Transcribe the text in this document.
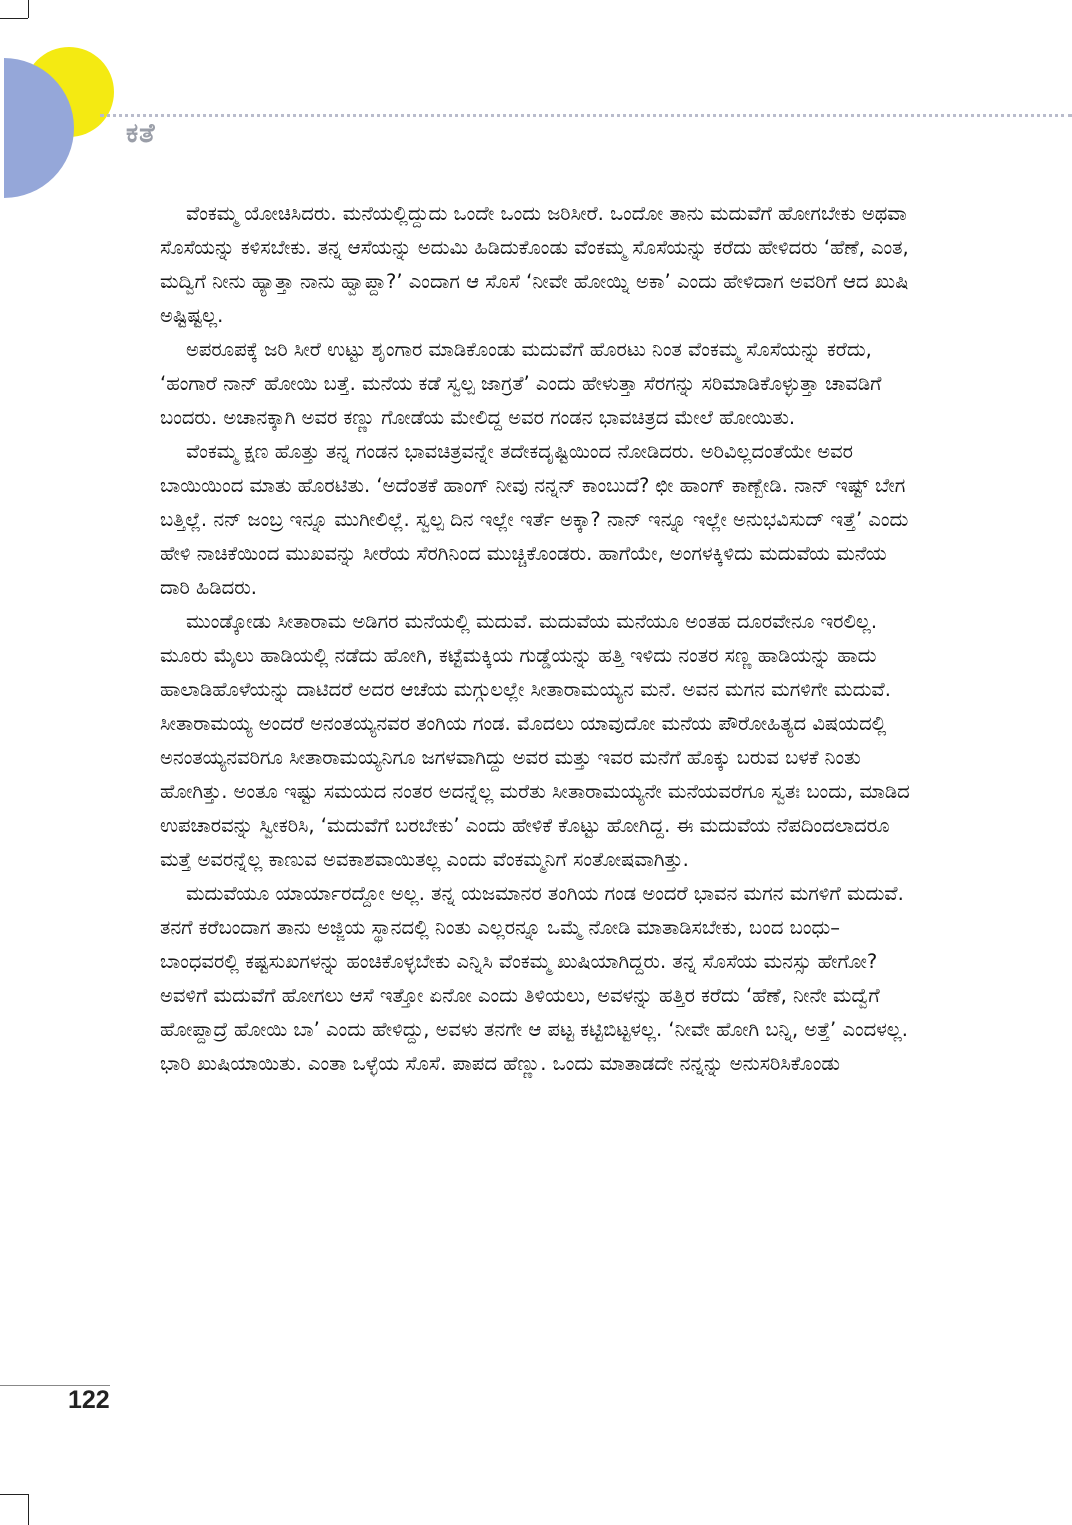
ಕತೆ

ವೆಂಕಮ್ಮ ಯೋಚಿಸಿದರು. ಮನೆಯಲ್ಲಿದ್ದುದು ಒಂದೇ ಒಂದು ಜರಿಸೀರೆ. ಒಂದೋ ತಾನು ಮದುವೆಗೆ ಹೋಗಬೇಕು ಅಥವಾ ಸೊಸೆಯನ್ನು ಕಳಿಸಬೇಕು. ತನ್ನ ಆಸೆಯನ್ನು ಅದುಮಿ ಹಿಡಿದುಕೊಂಡು ವೆಂಕಮ್ಮ ಸೊಸೆಯನ್ನು ಕರೆದು ಹೇಳಿದರು ‘ಹೆಣೆ, ಎಂತ, ಮದ್ವಿಗೆ ನೀನು ಹ್ಯಾತ್ತಾ ನಾನು ಹ್ವಾಪ್ದಾ?’ ಎಂದಾಗ ಆ ಸೊಸೆ ‘ನೀವೇ ಹೋಯ್ನಿ ಅಕಾ’ ಎಂದು ಹೇಳಿದಾಗ ಅವರಿಗೆ ಆದ ಖುಷಿ ಅಷ್ಟಿಷ್ಟಲ್ಲ.

ಅಪರೂಪಕ್ಕೆ ಜರಿ ಸೀರೆ ಉಟ್ಟು ಶೃಂಗಾರ ಮಾಡಿಕೊಂಡು ಮದುವೆಗೆ ಹೊರಟು ನಿಂತ ವೆಂಕಮ್ಮ ಸೊಸೆಯನ್ನು ಕರೆದು, ‘ಹಂಗಾರೆ ನಾನ್ ಹೋಯಿ ಬತ್ತೆ. ಮನೆಯ ಕಡೆ ಸ್ವಲ್ಪ ಜಾಗ್ರತೆ’ ಎಂದು ಹೇಳುತ್ತಾ ಸೆರಗನ್ನು ಸರಿಮಾಡಿಕೊಳ್ಳುತ್ತಾ ಚಾವಡಿಗೆ ಬಂದರು. ಅಚಾನಕ್ಕಾಗಿ ಅವರ ಕಣ್ಣು ಗೋಡೆಯ ಮೇಲಿದ್ದ ಅವರ ಗಂಡನ ಭಾವಚಿತ್ರದ ಮೇಲೆ ಹೋಯಿತು.

ವೆಂಕಮ್ಮ ಕ್ಷಣ ಹೊತ್ತು ತನ್ನ ಗಂಡನ ಭಾವಚಿತ್ರವನ್ನೇ ತದೇಕದೃಷ್ಟಿಯಿಂದ ನೋಡಿದರು. ಅರಿವಿಲ್ಲದಂತೆಯೇ ಅವರ ಬಾಯಿಯಿಂದ ಮಾತು ಹೊರಟಿತು. ‘ಅದೆಂತಕೆ ಹಾಂಗ್ ನೀವು ನನ್ನನ್ ಕಾಂಬುದೆ? ಛೀ ಹಾಂಗ್ ಕಾಣ್ಬೇಡಿ. ನಾನ್ ಇಷ್ಟ್ ಬೇಗ ಬತ್ತಿಲ್ಲೆ. ನನ್ ಜಂಬ್ರ ಇನ್ನೂ ಮುಗೀಲಿಲ್ಲೆ. ಸ್ವಲ್ಪ ದಿನ ಇಲ್ಲೇ ಇರ್ತೆ ಅಕ್ಕಾ? ನಾನ್ ಇನ್ನೂ ಇಲ್ಲೇ ಅನುಭವಿಸುದ್ ಇತ್ತೆ’ ಎಂದು ಹೇಳಿ ನಾಚಿಕೆಯಿಂದ ಮುಖವನ್ನು ಸೀರೆಯ ಸೆರಗಿನಿಂದ ಮುಚ್ಚಿಕೊಂಡರು. ಹಾಗೆಯೇ, ಅಂಗಳಕ್ಕಿಳಿದು ಮದುವೆಯ ಮನೆಯ ದಾರಿ ಹಿಡಿದರು.

ಮುಂಡ್ಕೋಡು ಸೀತಾರಾಮ ಅಡಿಗರ ಮನೆಯಲ್ಲಿ ಮದುವೆ. ಮದುವೆಯ ಮನೆಯೂ ಅಂತಹ ದೂರವೇನೂ ಇರಲಿಲ್ಲ. ಮೂರು ಮೈಲು ಹಾಡಿಯಲ್ಲಿ ನಡೆದು ಹೋಗಿ, ಕಟ್ಟೆಮಕ್ಕಿಯ ಗುಡ್ಡೆಯನ್ನು ಹತ್ತಿ ಇಳಿದು ನಂತರ ಸಣ್ಣ ಹಾಡಿಯನ್ನು ಹಾದು ಹಾಲಾಡಿಹೊಳೆಯನ್ನು ದಾಟಿದರೆ ಅದರ ಆಚೆಯ ಮಗ್ಗುಲಲ್ಲೇ ಸೀತಾರಾಮಯ್ಯನ ಮನೆ. ಅವನ ಮಗನ ಮಗಳಿಗೇ ಮದುವೆ. ಸೀತಾರಾಮಯ್ಯ ಅಂದರೆ ಅನಂತಯ್ಯನವರ ತಂಗಿಯ ಗಂಡ. ಮೊದಲು ಯಾವುದೋ ಮನೆಯ ಪೌರೋಹಿತ್ಯದ ವಿಷಯದಲ್ಲಿ ಅನಂತಯ್ಯನವರಿಗೂ ಸೀತಾರಾಮಯ್ಯನಿಗೂ ಜಗಳವಾಗಿದ್ದು ಅವರ ಮತ್ತು ಇವರ ಮನೆಗೆ ಹೊಕ್ಕು ಬರುವ ಬಳಕೆ ನಿಂತು ಹೋಗಿತ್ತು. ಅಂತೂ ಇಷ್ಟು ಸಮಯದ ನಂತರ ಅದನ್ನೆಲ್ಲ ಮರೆತು ಸೀತಾರಾಮಯ್ಯನೇ ಮನೆಯವರೆಗೂ ಸ್ವತಃ ಬಂದು, ಮಾಡಿದ ಉಪಚಾರವನ್ನು ಸ್ವೀಕರಿಸಿ, ‘ಮದುವೆಗೆ ಬರಬೇಕು’ ಎಂದು ಹೇಳಿಕೆ ಕೊಟ್ಟು ಹೋಗಿದ್ದ. ಈ ಮದುವೆಯ ನೆಪದಿಂದಲಾದರೂ ಮತ್ತೆ ಅವರನ್ನೆಲ್ಲ ಕಾಣುವ ಅವಕಾಶವಾಯಿತಲ್ಲ ಎಂದು ವೆಂಕಮ್ಮನಿಗೆ ಸಂತೋಷವಾಗಿತ್ತು.

ಮದುವೆಯೂ ಯಾರ್ಯಾರದ್ದೋ ಅಲ್ಲ. ತನ್ನ ಯಜಮಾನರ ತಂಗಿಯ ಗಂಡ ಅಂದರೆ ಭಾವನ ಮಗನ ಮಗಳಿಗೆ ಮದುವೆ. ತನಗೆ ಕರೆಬಂದಾಗ ತಾನು ಅಜ್ಜಿಯ ಸ್ಥಾನದಲ್ಲಿ ನಿಂತು ಎಲ್ಲರನ್ನೂ ಒಮ್ಮೆ ನೋಡಿ ಮಾತಾಡಿಸಬೇಕು, ಬಂದ ಬಂಧು–ಬಾಂಧವರಲ್ಲಿ ಕಷ್ಟಸುಖಗಳನ್ನು ಹಂಚಿಕೊಳ್ಳಬೇಕು ಎನ್ನಿಸಿ ವೆಂಕಮ್ಮ ಖುಷಿಯಾಗಿದ್ದರು. ತನ್ನ ಸೊಸೆಯ ಮನಸ್ಸು ಹೇಗೋ? ಅವಳಿಗೆ ಮದುವೆಗೆ ಹೋಗಲು ಆಸೆ ಇತ್ತೋ ಏನೋ ಎಂದು ತಿಳಿಯಲು, ಅವಳನ್ನು ಹತ್ತಿರ ಕರೆದು ‘ಹೆಣೆ, ನೀನೇ ಮದ್ವೆಗೆ ಹೋಪ್ದಾದ್ರೆ ಹೋಯಿ ಬಾ’ ಎಂದು ಹೇಳಿದ್ದು, ಅವಳು ತನಗೇ ಆ ಪಟ್ಟ ಕಟ್ಟಿಬಿಟ್ಟಳಲ್ಲ. ‘ನೀವೇ ಹೋಗಿ ಬನ್ನಿ, ಅತ್ತೆ’ ಎಂದಳಲ್ಲ. ಭಾರಿ ಖುಷಿಯಾಯಿತು. ಎಂತಾ ಒಳ್ಳೆಯ ಸೊಸೆ. ಪಾಪದ ಹೆಣ್ಣು. ಒಂದು ಮಾತಾಡದೇ ನನ್ನನ್ನು ಅನುಸರಿಸಿಕೊಂಡು

122
